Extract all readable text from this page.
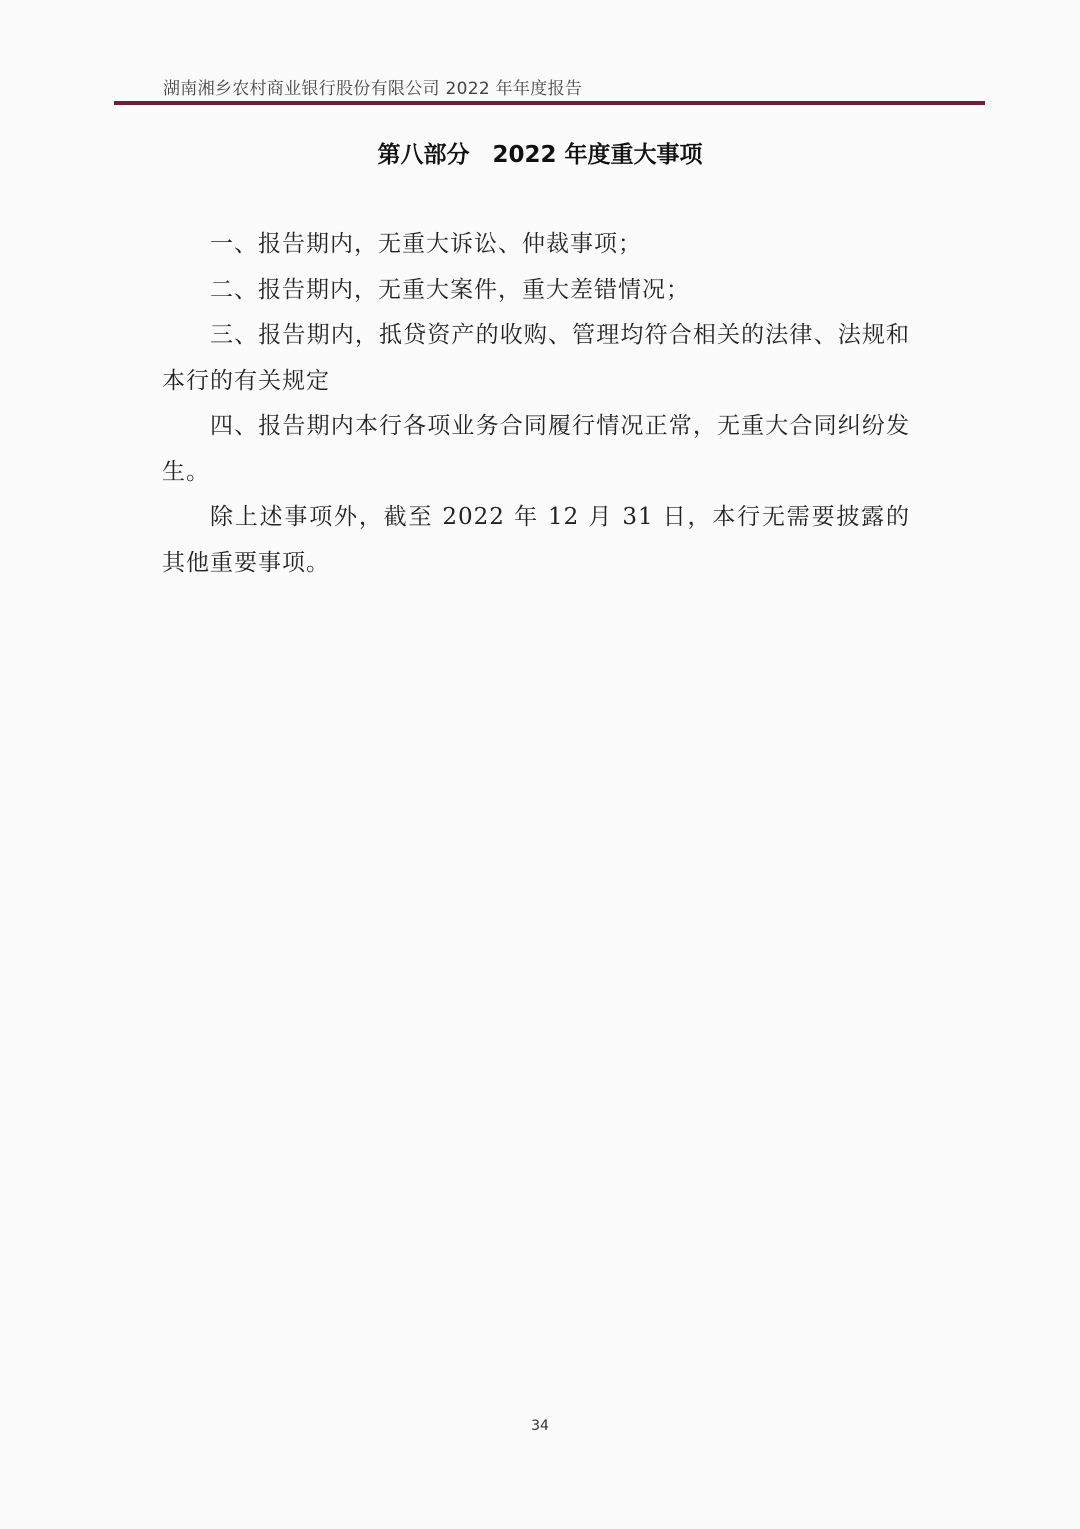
湖南湘乡农村商业银行股份有限公司 2022 年年度报告
第八部分　2022 年度重大事项

一、报告期内，无重大诉讼、仲裁事项；

二、报告期内，无重大案件，重大差错情况；

三、报告期内，抵贷资产的收购、管理均符合相关的法律、法规和本行的有关规定

四、报告期内本行各项业务合同履行情况正常，无重大合同纠纷发生。

除上述事项外，截至 2022 年 12 月 31 日，本行无需要披露的其他重要事项。

34
